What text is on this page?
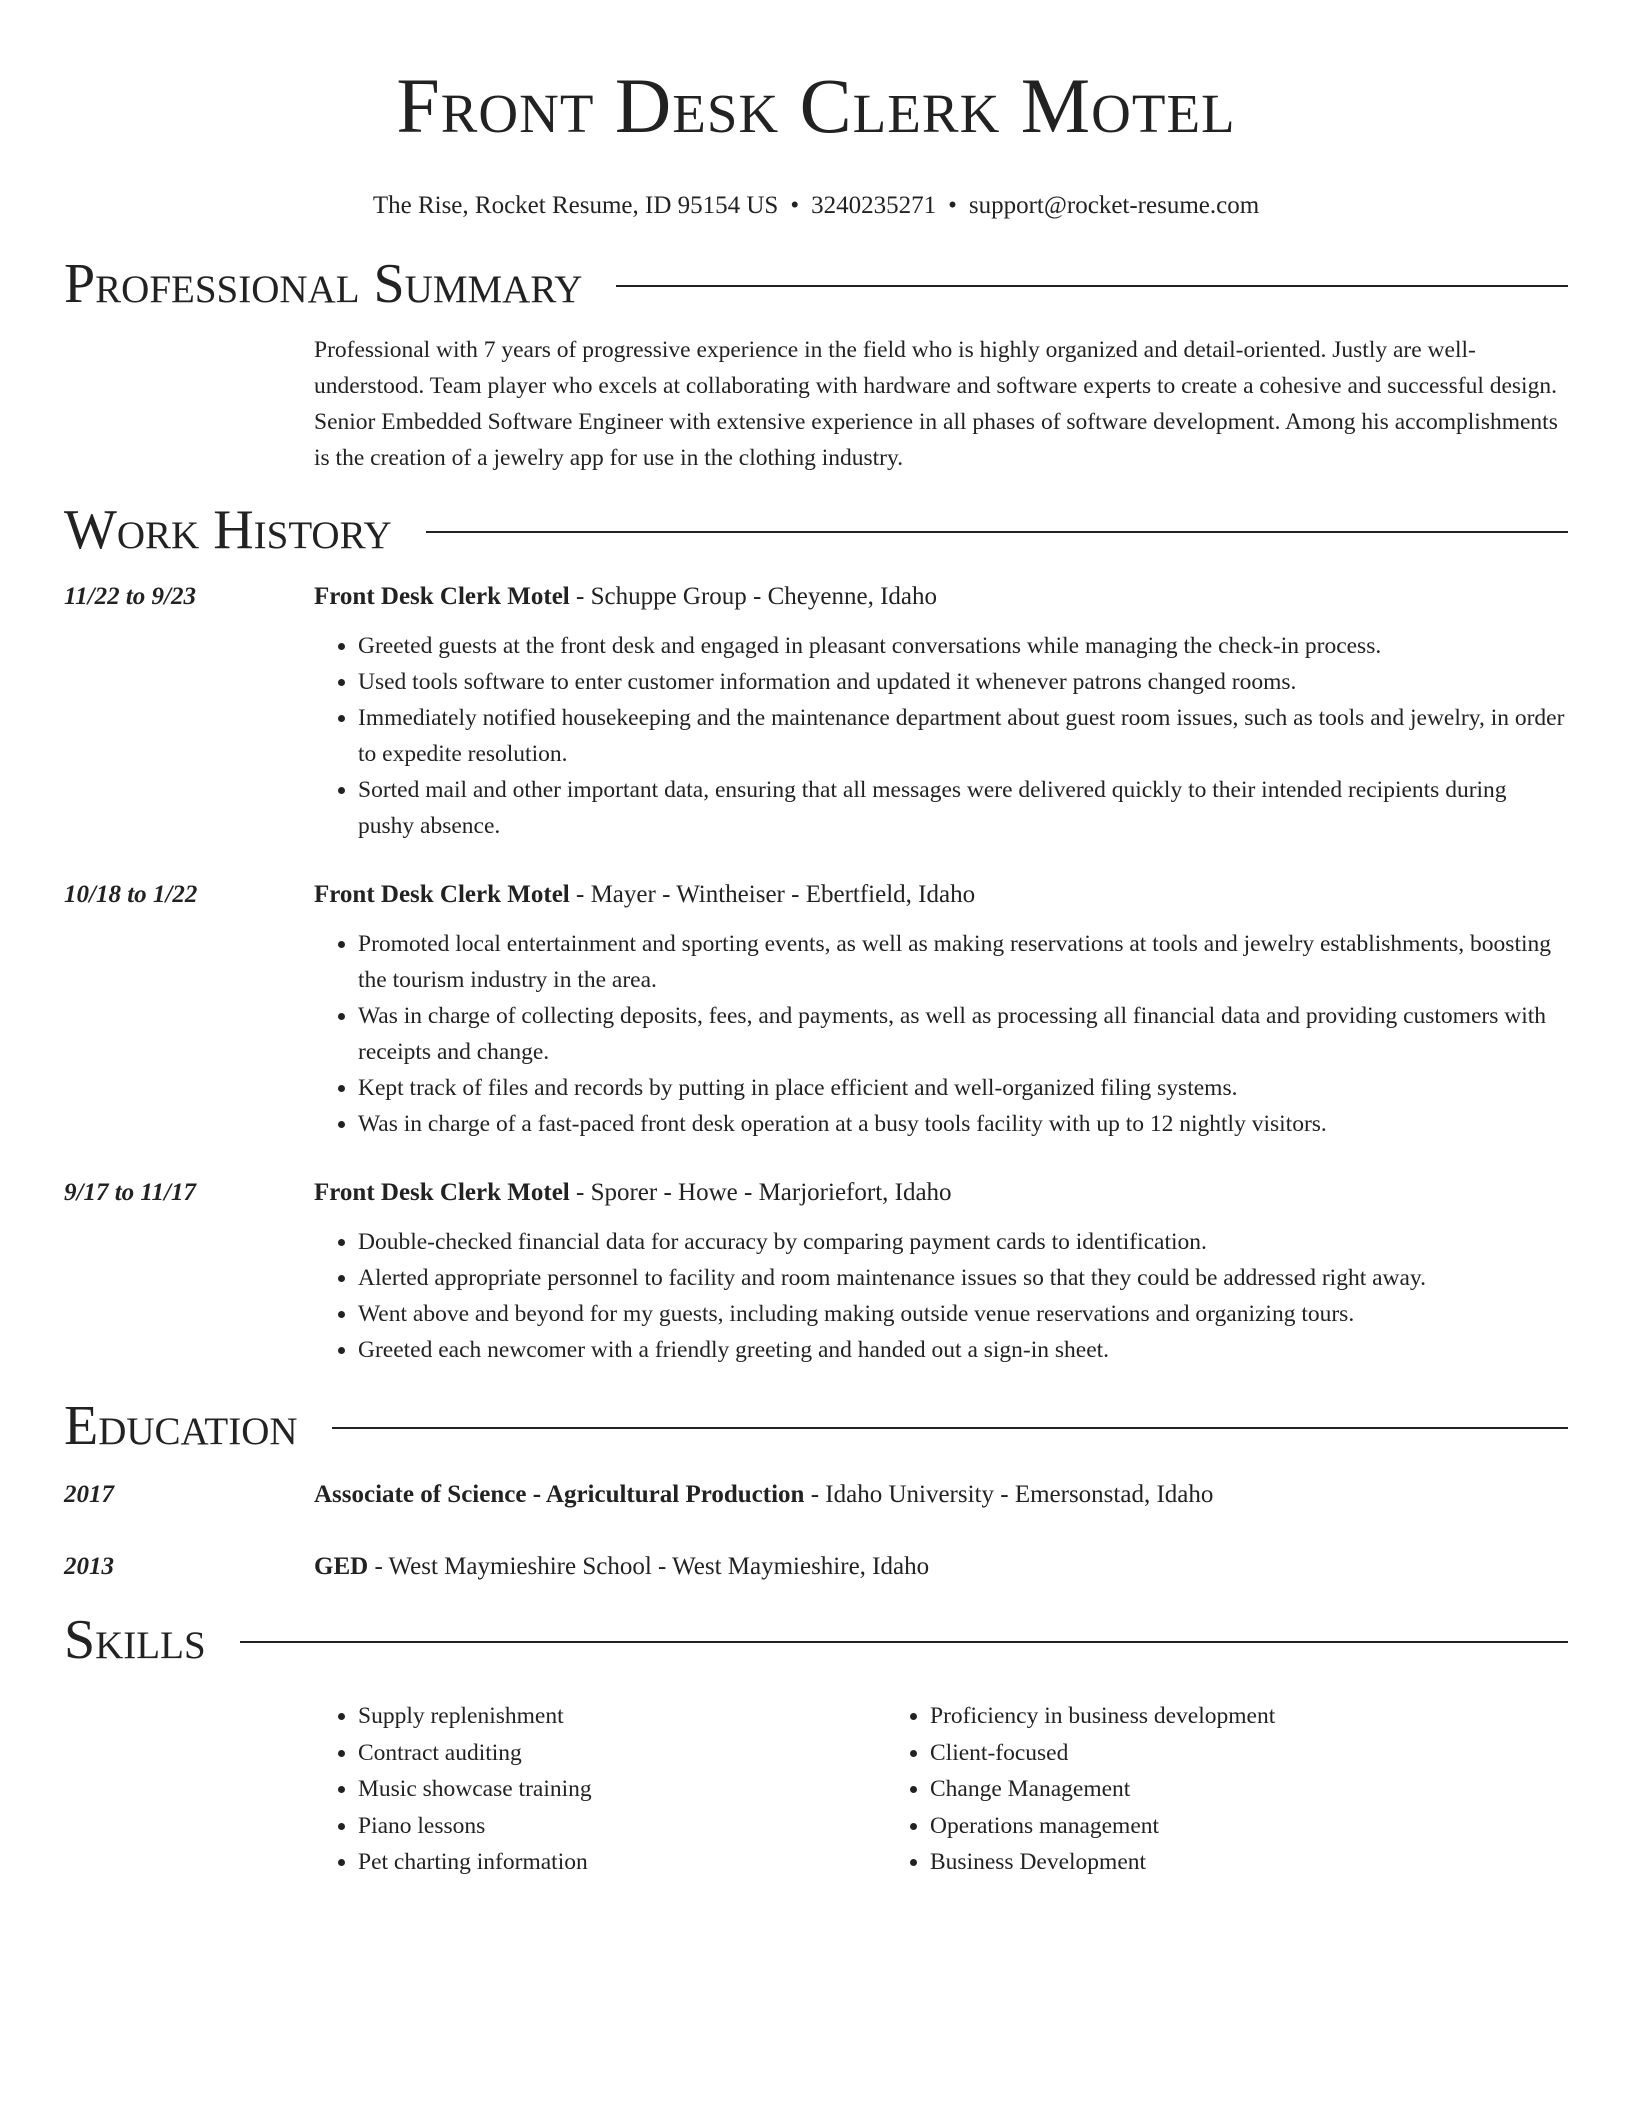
Front Desk Clerk Motel
The Rise, Rocket Resume, ID 95154 US • 3240235271 • support@rocket-resume.com
Professional Summary
Professional with 7 years of progressive experience in the field who is highly organized and detail-oriented. Justly are well-understood. Team player who excels at collaborating with hardware and software experts to create a cohesive and successful design. Senior Embedded Software Engineer with extensive experience in all phases of software development. Among his accomplishments is the creation of a jewelry app for use in the clothing industry.
Work History
11/22 to 9/23	Front Desk Clerk Motel - Schuppe Group - Cheyenne, Idaho
• Greeted guests at the front desk and engaged in pleasant conversations while managing the check-in process.
• Used tools software to enter customer information and updated it whenever patrons changed rooms.
• Immediately notified housekeeping and the maintenance department about guest room issues, such as tools and jewelry, in order to expedite resolution.
• Sorted mail and other important data, ensuring that all messages were delivered quickly to their intended recipients during pushy absence.
10/18 to 1/22	Front Desk Clerk Motel - Mayer - Wintheiser - Ebertfield, Idaho
• Promoted local entertainment and sporting events, as well as making reservations at tools and jewelry establishments, boosting the tourism industry in the area.
• Was in charge of collecting deposits, fees, and payments, as well as processing all financial data and providing customers with receipts and change.
• Kept track of files and records by putting in place efficient and well-organized filing systems.
• Was in charge of a fast-paced front desk operation at a busy tools facility with up to 12 nightly visitors.
9/17 to 11/17	Front Desk Clerk Motel - Sporer - Howe - Marjoriefort, Idaho
• Double-checked financial data for accuracy by comparing payment cards to identification.
• Alerted appropriate personnel to facility and room maintenance issues so that they could be addressed right away.
• Went above and beyond for my guests, including making outside venue reservations and organizing tours.
• Greeted each newcomer with a friendly greeting and handed out a sign-in sheet.
Education
2017	Associate of Science - Agricultural Production - Idaho University - Emersonstad, Idaho
2013	GED - West Maymieshire School - West Maymieshire, Idaho
Skills
• Supply replenishment
• Contract auditing
• Music showcase training
• Piano lessons
• Pet charting information
• Proficiency in business development
• Client-focused
• Change Management
• Operations management
• Business Development
